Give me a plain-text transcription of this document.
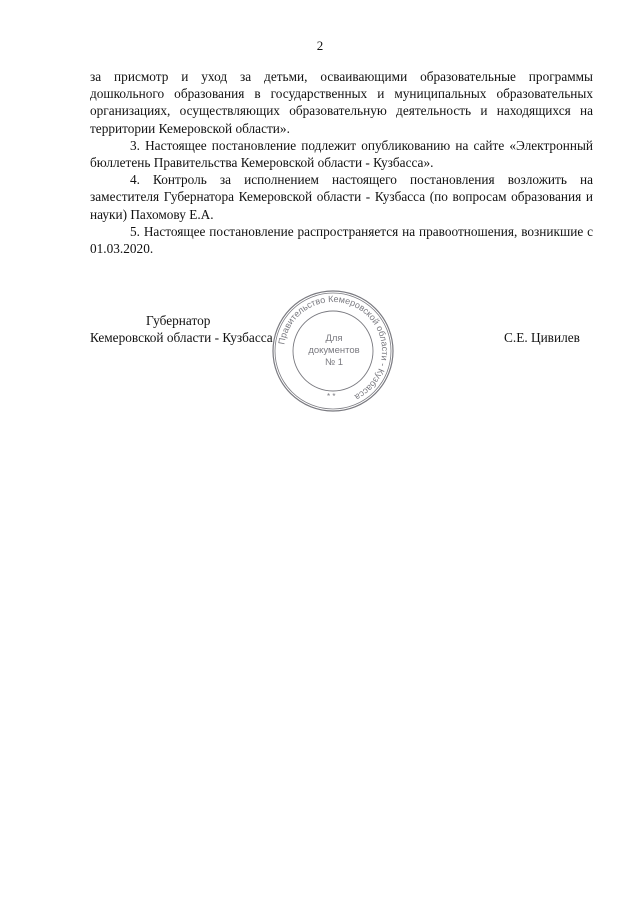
2

за присмотр и уход за детьми, осваивающими образовательные программы дошкольного образования в государственных и муниципальных образовательных организациях, осуществляющих образовательную деятельность и находящихся на территории Кемеровской области».

3. Настоящее постановление подлежит опубликованию на сайте «Электронный бюллетень Правительства Кемеровской области - Кузбасса».

4. Контроль за исполнением настоящего постановления возложить на заместителя Губернатора Кемеровской области - Кузбасса (по вопросам образования и науки) Пахомову Е.А.

5. Настоящее постановление распространяется на правоотношения, возникшие с 01.03.2020.

Губернатор
Кемеровской области - Кузбасса	С.Е. Цивилев
Правительство Кемеровской области - Кузбасса
* *
Для
документов
№ 1
